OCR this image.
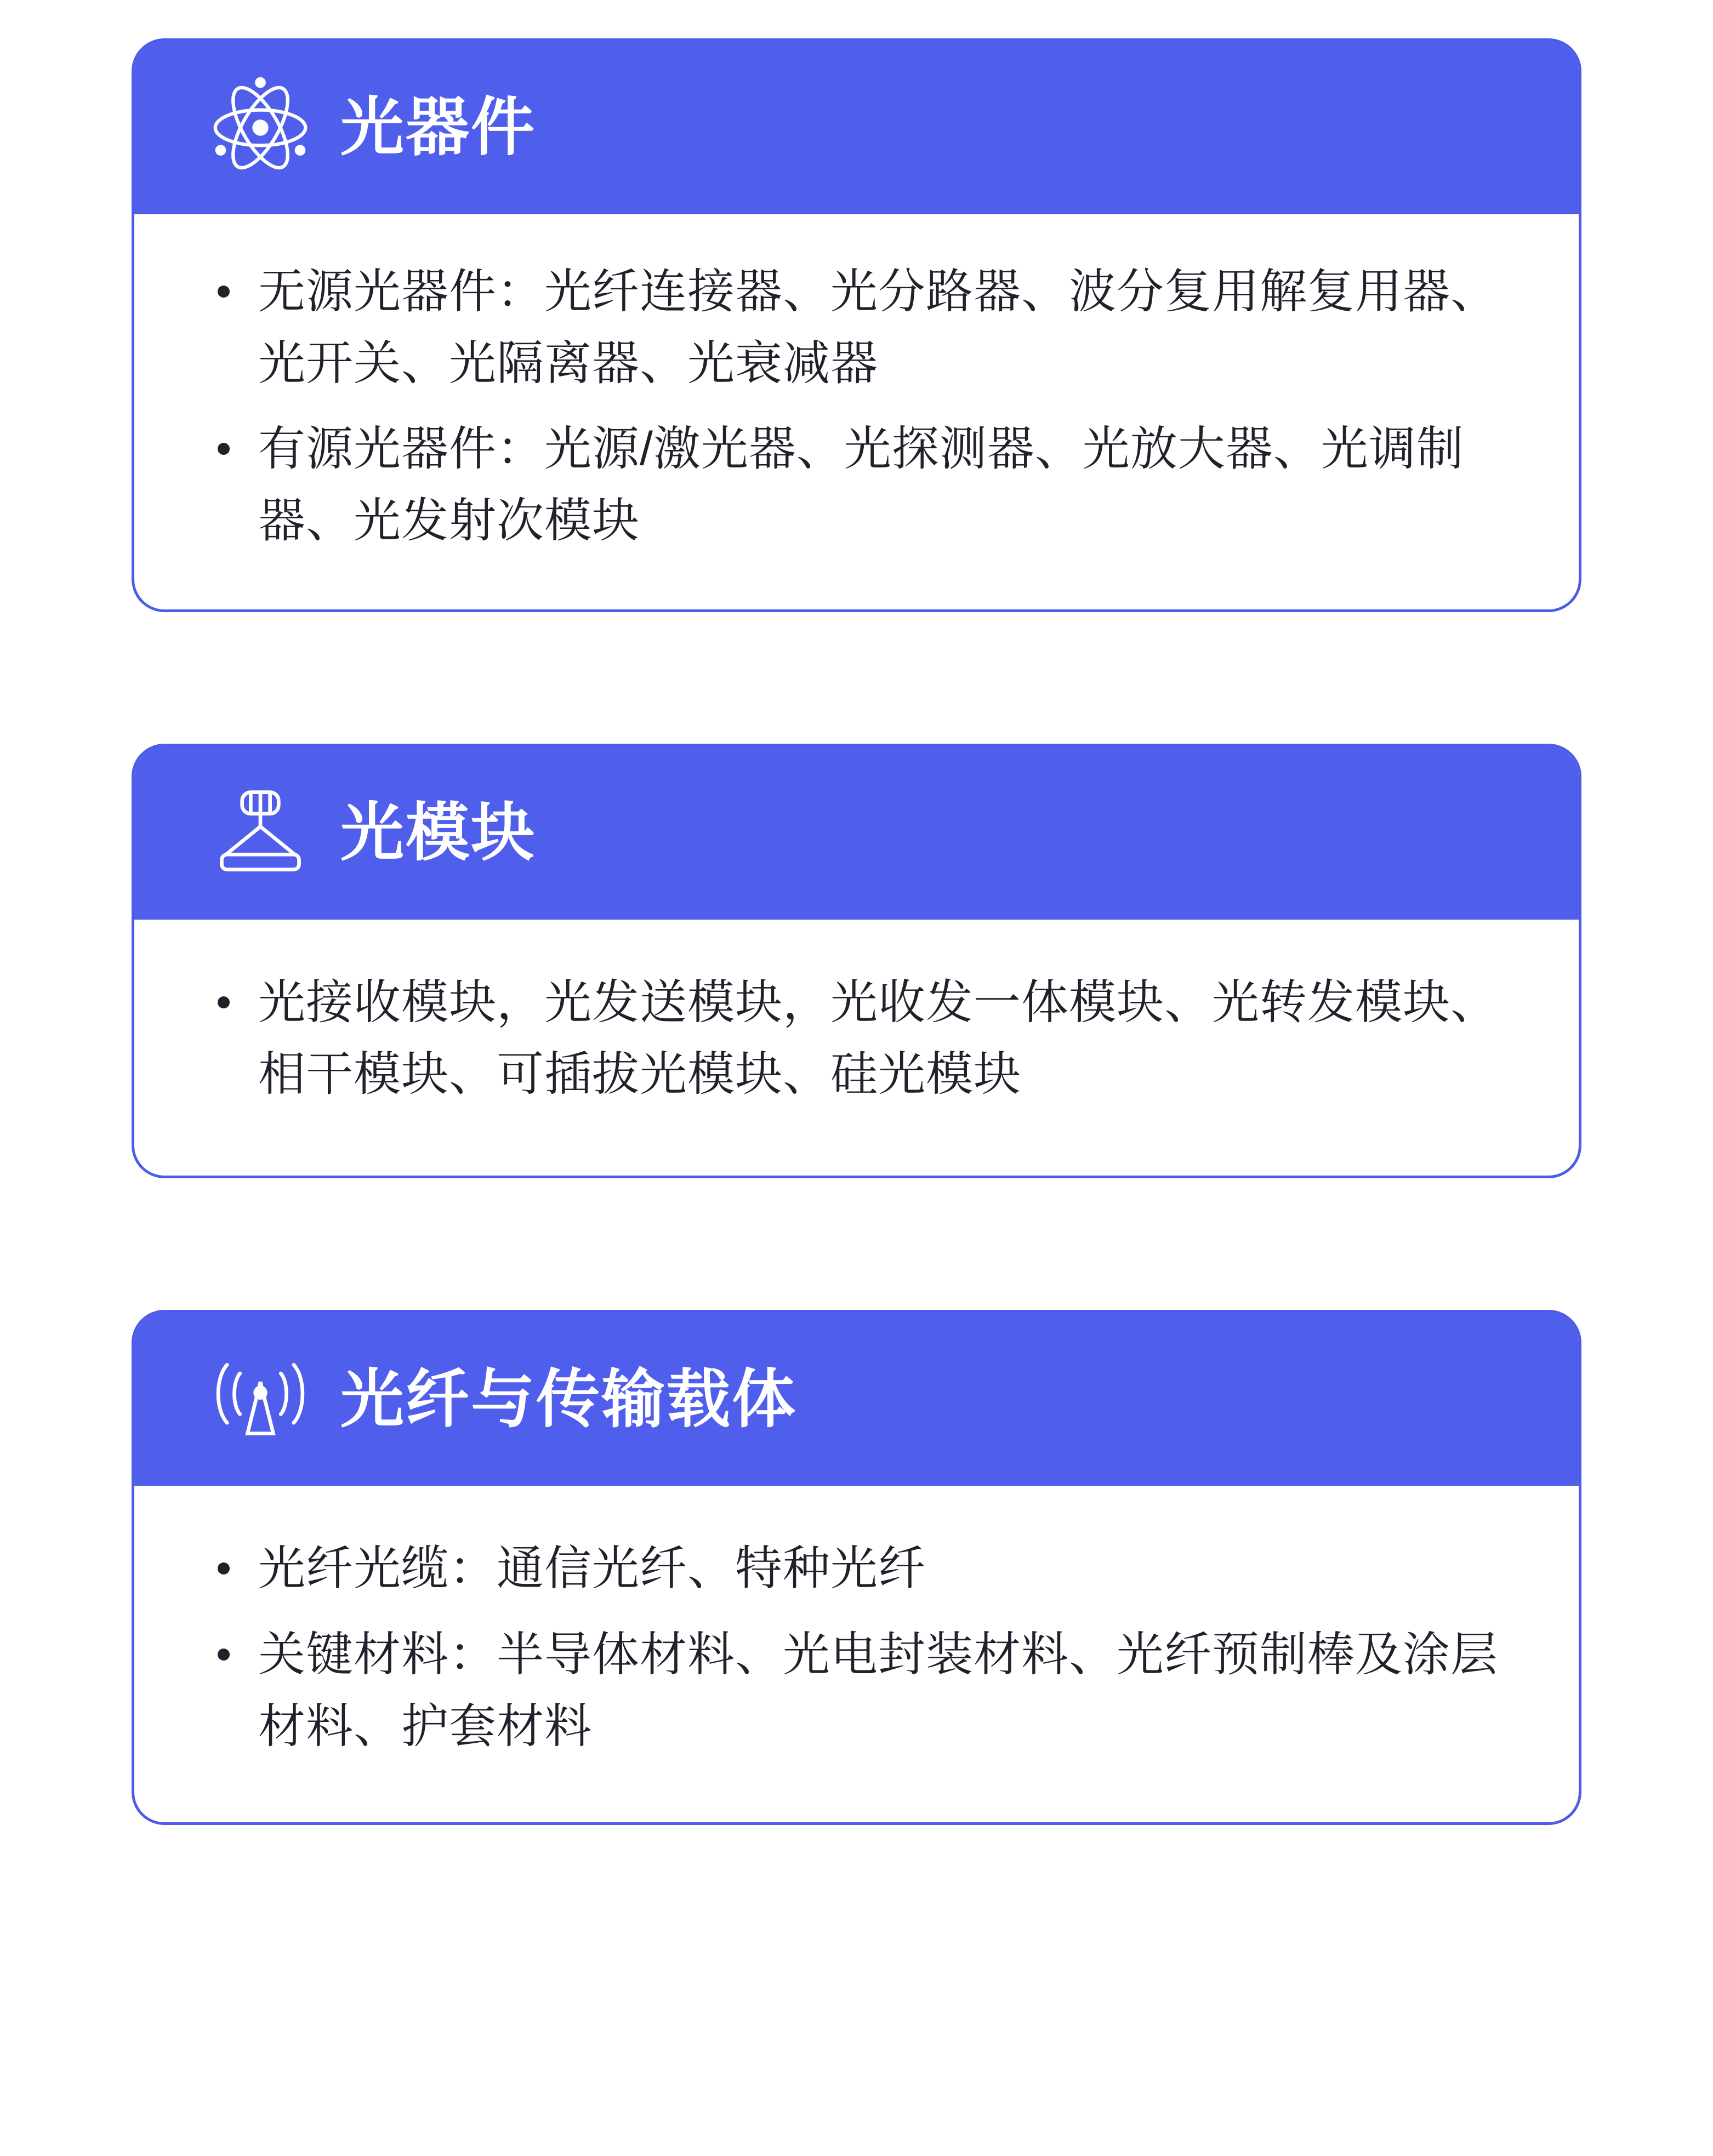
光器件
无源光器件：光纤连接器、光分路器、波分复用解复用器、光开关、光隔离器、光衰减器
有源光器件：光源/激光器、光探测器、光放大器、光调制器、光发射次模块
光模块
光接收模块，光发送模块，光收发一体模块、光转发模块、相干模块、可插拔光模块、硅光模块
光纤与传输载体
光纤光缆：通信光纤、特种光纤
关键材料：半导体材料、光电封装材料、光纤预制棒及涂层材料、护套材料
